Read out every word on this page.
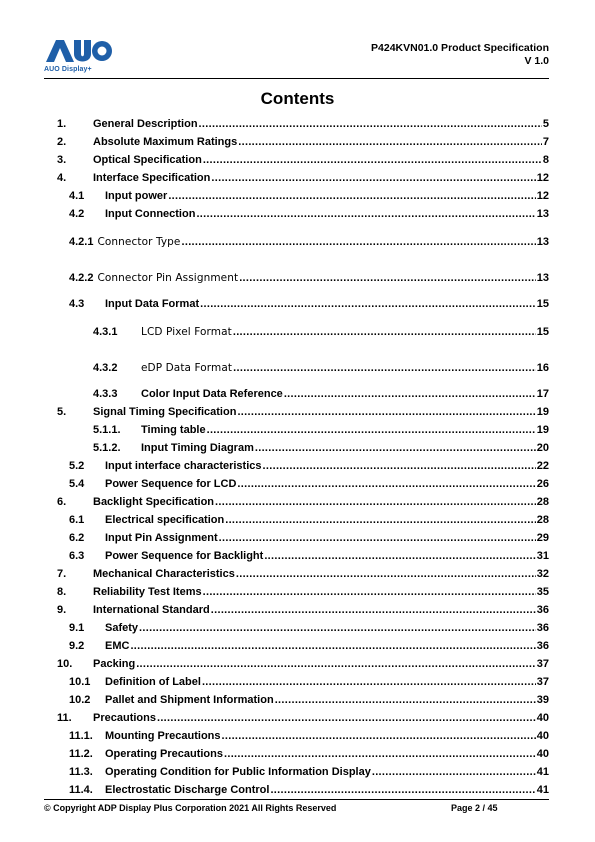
AUO Display+
P424KVN01.0 Product Specification
V 1.0
Contents
1.	General Description .....	5
2.	Absolute Maximum Ratings .....	7
3.	Optical Specification .....	8
4.	Interface Specification .....	12
4.1	Input power .....	12
4.2	Input Connection .....	13
4.2.1 Connector Type .....	13
4.2.2 Connector Pin Assignment .....	13
4.3	Input Data Format .....	15
4.3.1	LCD Pixel Format .....	15
4.3.2	eDP Data Format .....	16
4.3.3	Color Input Data Reference .....	17
5.	Signal Timing Specification .....	19
5.1.1.	Timing table .....	19
5.1.2.	Input Timing Diagram .....	20
5.2	Input interface characteristics .....	22
5.4	Power Sequence for LCD .....	26
6.	Backlight Specification .....	28
6.1	Electrical specification .....	28
6.2	Input Pin Assignment .....	29
6.3	Power Sequence for Backlight .....	31
7.	Mechanical Characteristics .....	32
8.	Reliability Test Items .....	35
9.	International Standard .....	36
9.1	Safety .....	36
9.2	EMC .....	36
10.	Packing .....	37
10.1	Definition of Label .....	37
10.2	Pallet and Shipment Information .....	39
11.	Precautions .....	40
11.1.	Mounting Precautions .....	40
11.2.	Operating Precautions .....	40
11.3.	Operating Condition for Public Information Display .....	41
11.4.	Electrostatic Discharge Control .....	41
© Copyright ADP Display Plus Corporation 2021 All Rights Reserved	Page 2 / 45
